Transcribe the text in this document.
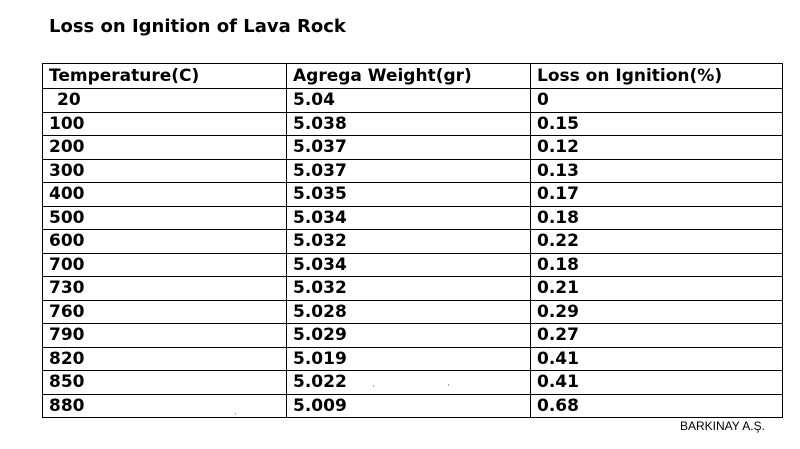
Loss on Ignition of Lava Rock
Temperature(C)	Agrega Weight(gr)	Loss on Ignition(%)
20	5.04	0
100	5.038	0.15
200	5.037	0.12
300	5.037	0.13
400	5.035	0.17
500	5.034	0.18
600	5.032	0.22
700	5.034	0.18
730	5.032	0.21
760	5.028	0.29
790	5.029	0.27
820	5.019	0.41
850	5.022	0.41
880	5.009	0.68
BARKINAY A.Ş.
·	·
·
